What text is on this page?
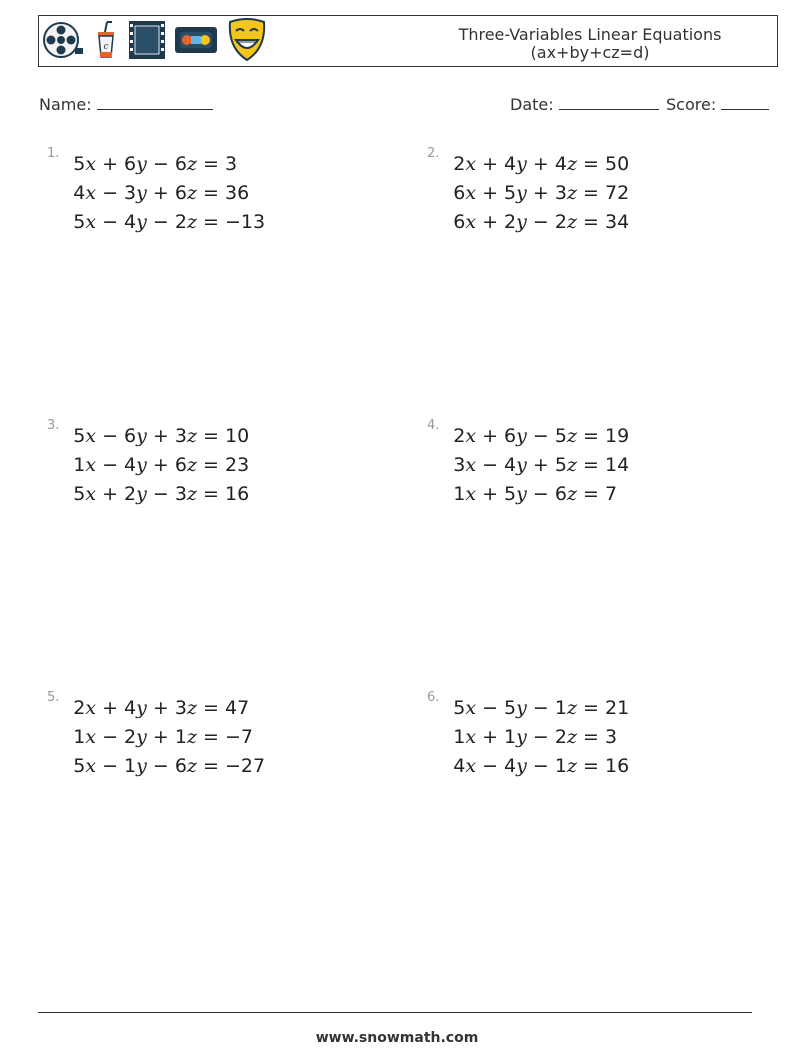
c
Three-Variables Linear Equations
(ax+by+cz=d)
Name:	Date:	Score:
1. 5x + 6y − 6z = 3
4x − 3y + 6z = 36
5x − 4y − 2z = −13
2. 2x + 4y + 4z = 50
6x + 5y + 3z = 72
6x + 2y − 2z = 34
3. 5x − 6y + 3z = 10
1x − 4y + 6z = 23
5x + 2y − 3z = 16
4. 2x + 6y − 5z = 19
3x − 4y + 5z = 14
1x + 5y − 6z = 7
5. 2x + 4y + 3z = 47
1x − 2y + 1z = −7
5x − 1y − 6z = −27
6. 5x − 5y − 1z = 21
1x + 1y − 2z = 3
4x − 4y − 1z = 16
www.snowmath.com
